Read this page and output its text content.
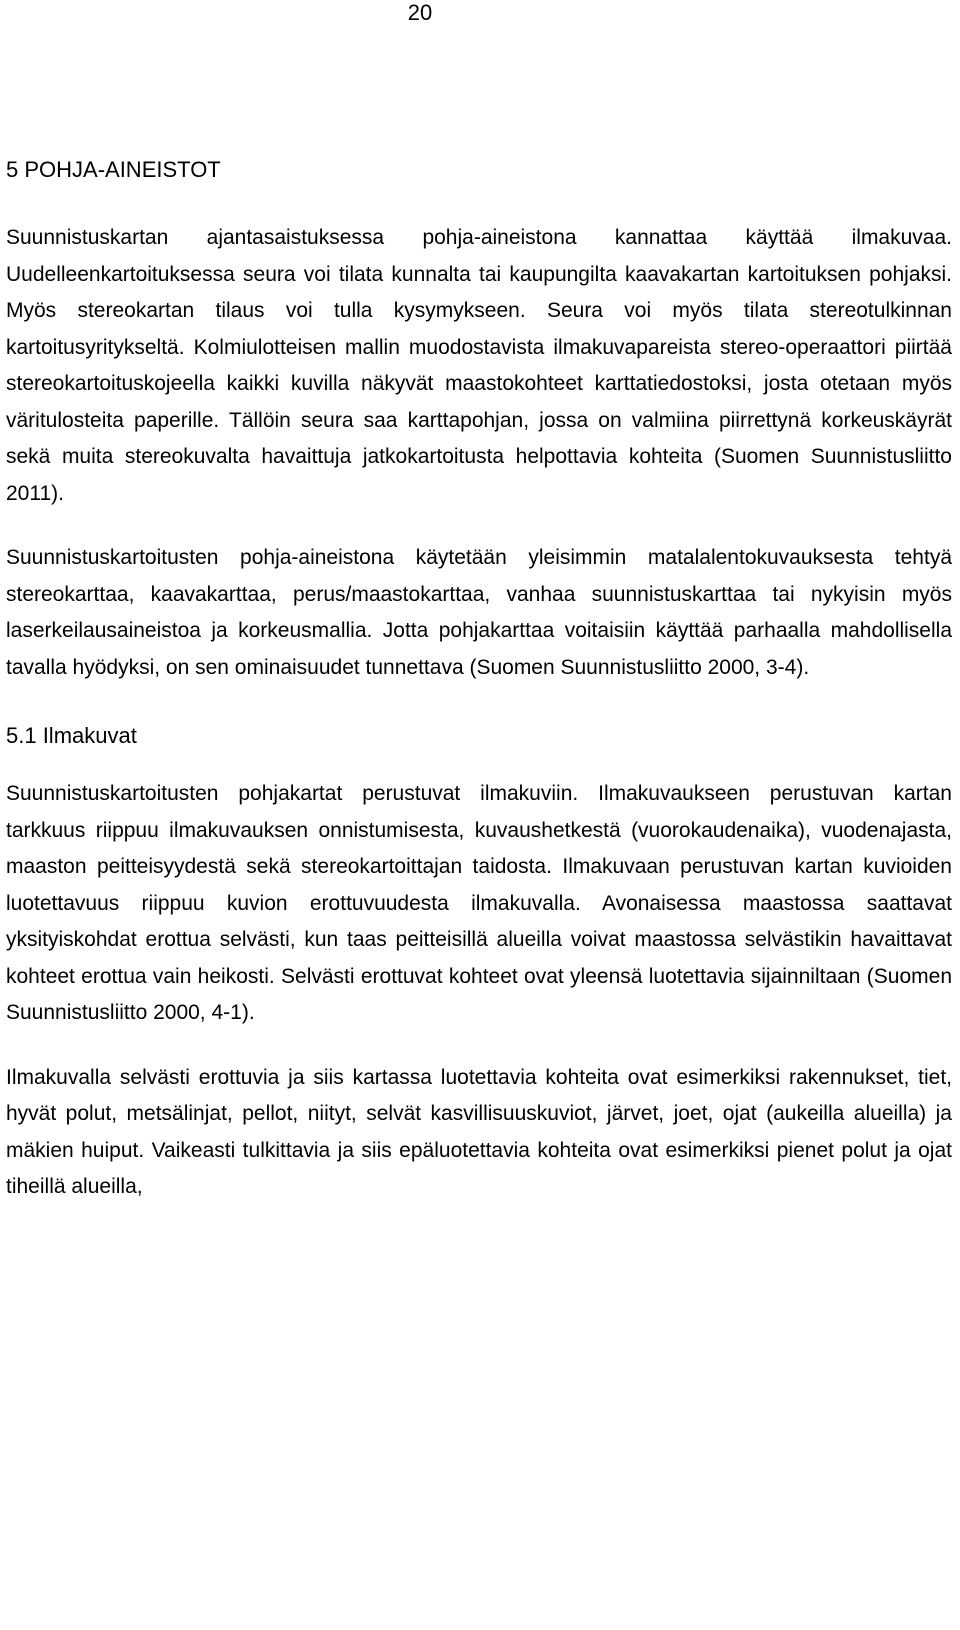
20
5 POHJA-AINEISTOT

Suunnistuskartan ajantasaistuksessa pohja-aineistona kannattaa käyttää ilmakuvaa. Uudelleenkartoituksessa seura voi tilata kunnalta tai kaupungilta kaavakartan kartoituksen pohjaksi. Myös stereokartan tilaus voi tulla kysymykseen. Seura voi myös tilata stereotulkinnan kartoitusyritykseltä. Kolmiulotteisen mallin muodostavista ilmakuvapareista stereo-operaattori piirtää stereokartoituskojeella kaikki kuvilla näkyvät maastokohteet karttatiedostoksi, josta otetaan myös väritulosteita paperille. Tällöin seura saa karttapohjan, jossa on valmiina piirrettynä korkeuskäyrät sekä muita stereokuvalta havaittuja jatkokartoitusta helpottavia kohteita (Suomen Suunnistusliitto 2011).

Suunnistuskartoitusten pohja-aineistona käytetään yleisimmin matalalentokuvauksesta tehtyä stereokarttaa, kaavakarttaa, perus/maastokarttaa, vanhaa suunnistuskarttaa tai nykyisin myös laserkeilausaineistoa ja korkeusmallia. Jotta pohjakarttaa voitaisiin käyttää parhaalla mahdollisella tavalla hyödyksi, on sen ominaisuudet tunnettava (Suomen Suunnistusliitto 2000, 3-4).

5.1 Ilmakuvat

Suunnistuskartoitusten pohjakartat perustuvat ilmakuviin. Ilmakuvaukseen perustuvan kartan tarkkuus riippuu ilmakuvauksen onnistumisesta, kuvaushetkestä (vuorokaudenaika), vuodenajasta, maaston peitteisyydestä sekä stereokartoittajan taidosta. Ilmakuvaan perustuvan kartan kuvioiden luotettavuus riippuu kuvion erottuvuudesta ilmakuvalla. Avonaisessa maastossa saattavat yksityiskohdat erottua selvästi, kun taas peitteisillä alueilla voivat maastossa selvästikin havaittavat kohteet erottua vain heikosti. Selvästi erottuvat kohteet ovat yleensä luotettavia sijainniltaan (Suomen Suunnistusliitto 2000, 4-1).

Ilmakuvalla selvästi erottuvia ja siis kartassa luotettavia kohteita ovat esimerkiksi rakennukset, tiet, hyvät polut, metsälinjat, pellot, niityt, selvät kasvillisuuskuviot, järvet, joet, ojat (aukeilla alueilla) ja mäkien huiput. Vaikeasti tulkittavia ja siis epäluotettavia kohteita ovat esimerkiksi pienet polut ja ojat tiheillä alueilla,
